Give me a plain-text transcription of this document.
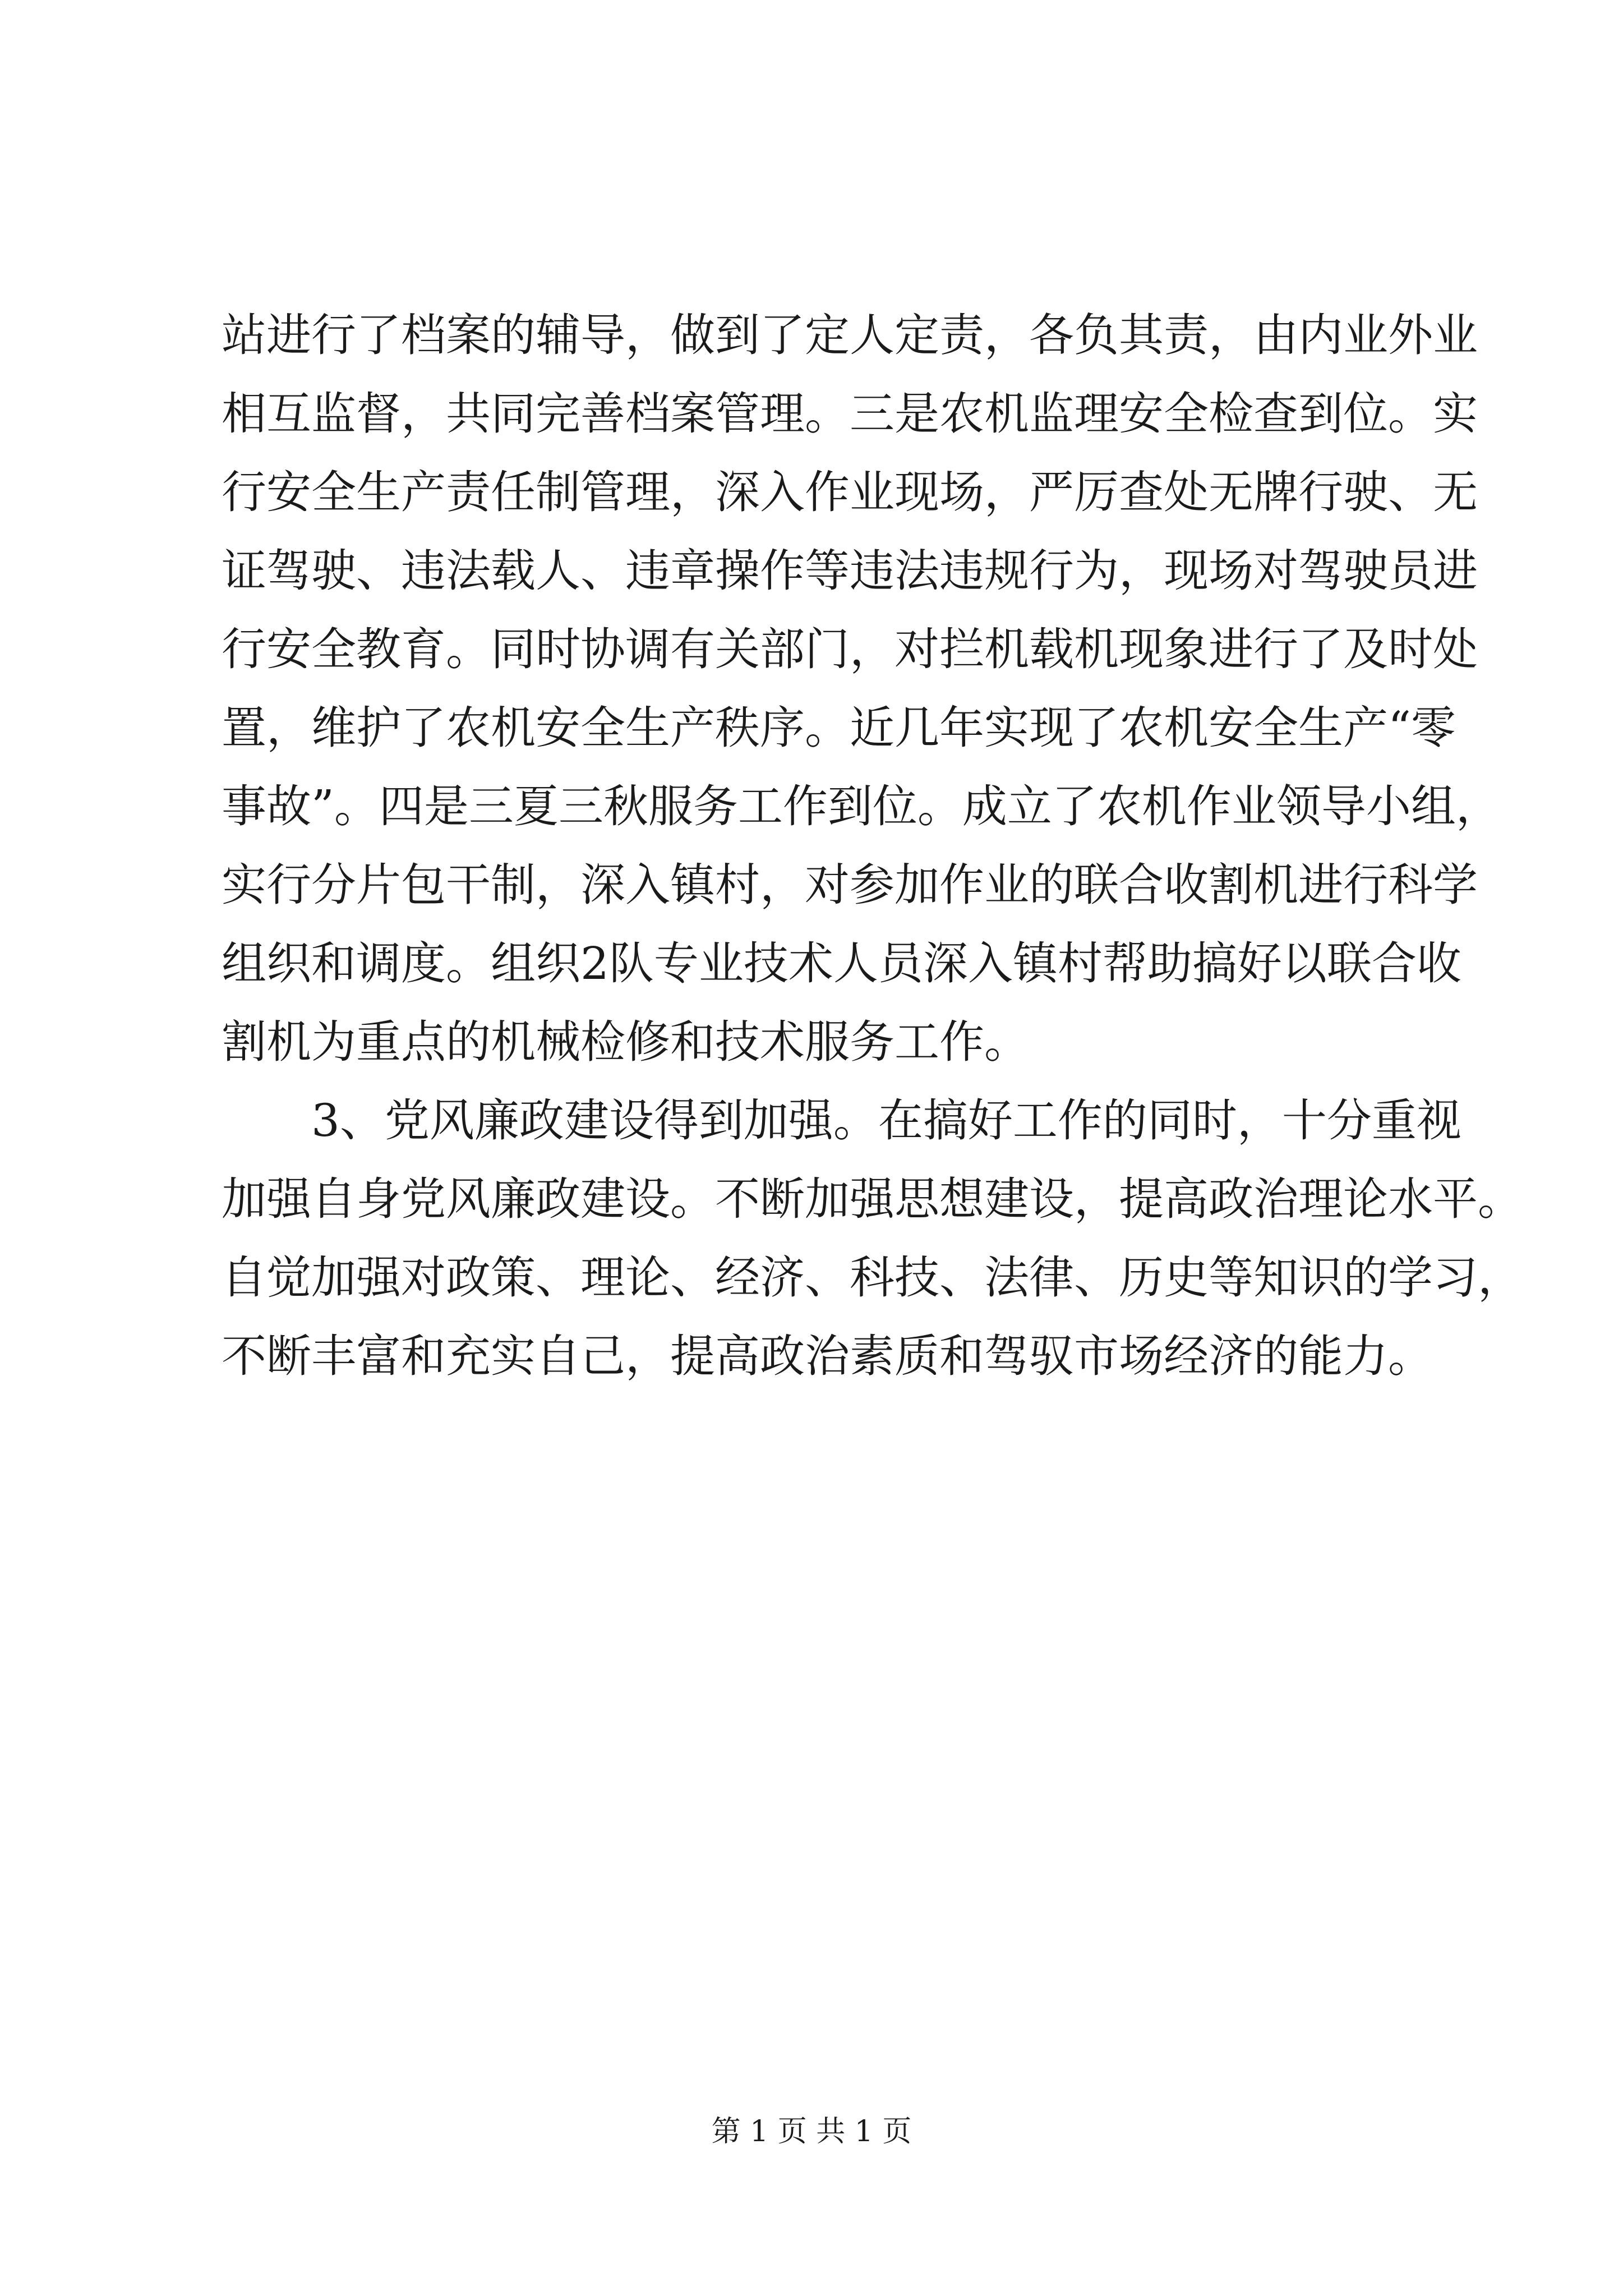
站进行了档案的辅导，做到了定人定责，各负其责，由内业外业
相互监督，共同完善档案管理。三是农机监理安全检查到位。实
行安全生产责任制管理，深入作业现场，严厉查处无牌行驶、无
证驾驶、违法载人、违章操作等违法违规行为，现场对驾驶员进
行安全教育。同时协调有关部门，对拦机载机现象进行了及时处
置，维护了农机安全生产秩序。近几年实现了农机安全生产“零
事故”。四是三夏三秋服务工作到位。成立了农机作业领导小组，
实行分片包干制，深入镇村，对参加作业的联合收割机进行科学
组织和调度。组织2队专业技术人员深入镇村帮助搞好以联合收
割机为重点的机械检修和技术服务工作。
3、党风廉政建设得到加强。在搞好工作的同时，十分重视
加强自身党风廉政建设。不断加强思想建设，提高政治理论水平。
自觉加强对政策、理论、经济、科技、法律、历史等知识的学习，
不断丰富和充实自己，提高政治素质和驾驭市场经济的能力。
第 1 页 共 1 页
